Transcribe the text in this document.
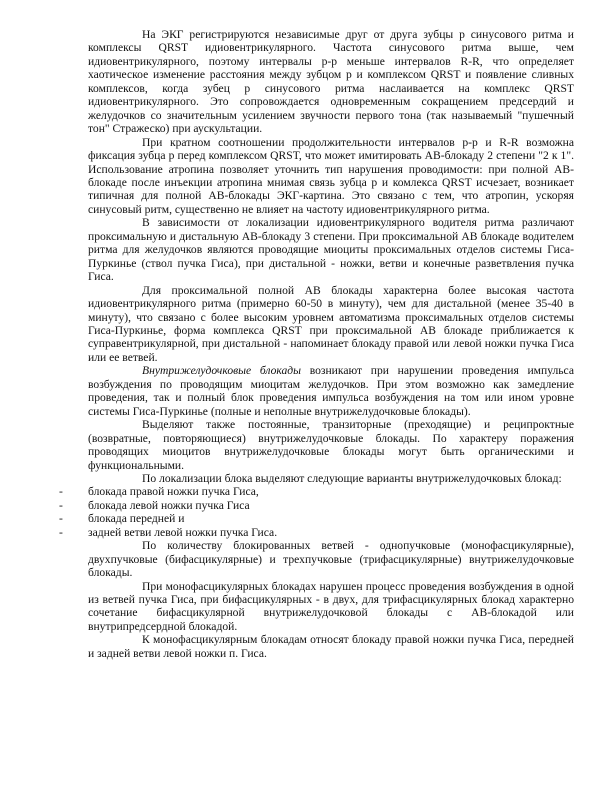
На ЭКГ регистрируются независимые друг от друга зубцы р синусового ритма и комплексы QRST идиовентрикулярного. Частота синусового ритма выше, чем идиовентрикулярного, поэтому интервалы р-р меньше интервалов R-R, что определяет хаотическое изменение расстояния между зубцом р и комплексом QRST и появление сливных комплексов, когда зубец р синусового ритма наслаивается на комплекс QRST идиовентрикулярного. Это сопровождается одновременным сокращением предсердий и желудочков со значительным усилением звучности первого тона (так называемый "пушечный тон" Стражеско) при аускультации.

При кратном соотношении продолжительности интервалов р-р и R-R возможна фиксация зубца р перед комплексом QRST, что может имитировать АВ-блокаду 2 степени "2 к 1". Использование атропина позволяет уточнить тип нарушения проводимости: при полной АВ-блокаде после инъекции атропина мнимая связь зубца р и комлекса QRST исчезает, возникает типичная для полной АВ-блокады ЭКГ-картина. Это связано с тем, что атропин, ускоряя синусовый ритм, существенно не влияет на частоту идиовентрикулярного ритма.

В зависимости от локализации идиовентрикулярного водителя ритма различают проксимальную и дистальную АВ-блокаду 3 степени. При проксимальной АВ блокаде водителем ритма для желудочков являются проводящие миоциты проксимальных отделов системы Гиса-Пуркинье (ствол пучка Гиса), при дистальной - ножки, ветви и конечные разветвления пучка Гиса.

Для проксимальной полной АВ блокады характерна более высокая частота идиовентрикулярного ритма (примерно 60-50 в минуту), чем для дистальной (менее 35-40 в минуту), что связано с более высоким уровнем автоматизма проксимальных отделов системы Гиса-Пуркинье, форма комплекса QRST при проксимальной АВ блокаде приближается к суправентрикулярной, при дистальной - напоминает блокаду правой или левой ножки пучка Гиса или ее ветвей.

Внутрижелудочковые блокады возникают при нарушении проведения импульса возбуждения по проводящим миоцитам желудочков. При этом возможно как замедление проведения, так и полный блок проведения импульса возбуждения на том или ином уровне системы Гиса-Пуркинье (полные и неполные внутрижелудочковые блокады).

Выделяют также постоянные, транзиторные (преходящие) и реципроктные (возвратные, повторяющиеся) внутрижелудочковые блокады. По характеру поражения проводящих миоцитов внутрижелудочковые блокады могут быть органическими и функциональными.

По локализации блока выделяют следующие варианты внутрижелудочковых блокад:

- блокада правой ножки пучка Гиса,
- блокада левой ножки пучка Гиса
- блокада передней и
- задней ветви левой ножки пучка Гиса.

По количеству блокированных ветвей - однопучковые (монофасцикулярные), двухпучковые (бифасцикулярные) и трехпучковые (трифасцикулярные) внутрижелудочковые блокады.

При монофасцикулярных блокадах нарушен процесс проведения возбуждения в одной из ветвей пучка Гиса, при бифасцикулярных - в двух, для трифасцикулярных блокад характерно сочетание бифасцикулярной внутрижелудочковой блокады с АВ-блокадой или внутрипредсердной блокадой.

К монофасцикулярным блокадам относят блокаду правой ножки пучка Гиса, передней и задней ветви левой ножки п. Гиса.
